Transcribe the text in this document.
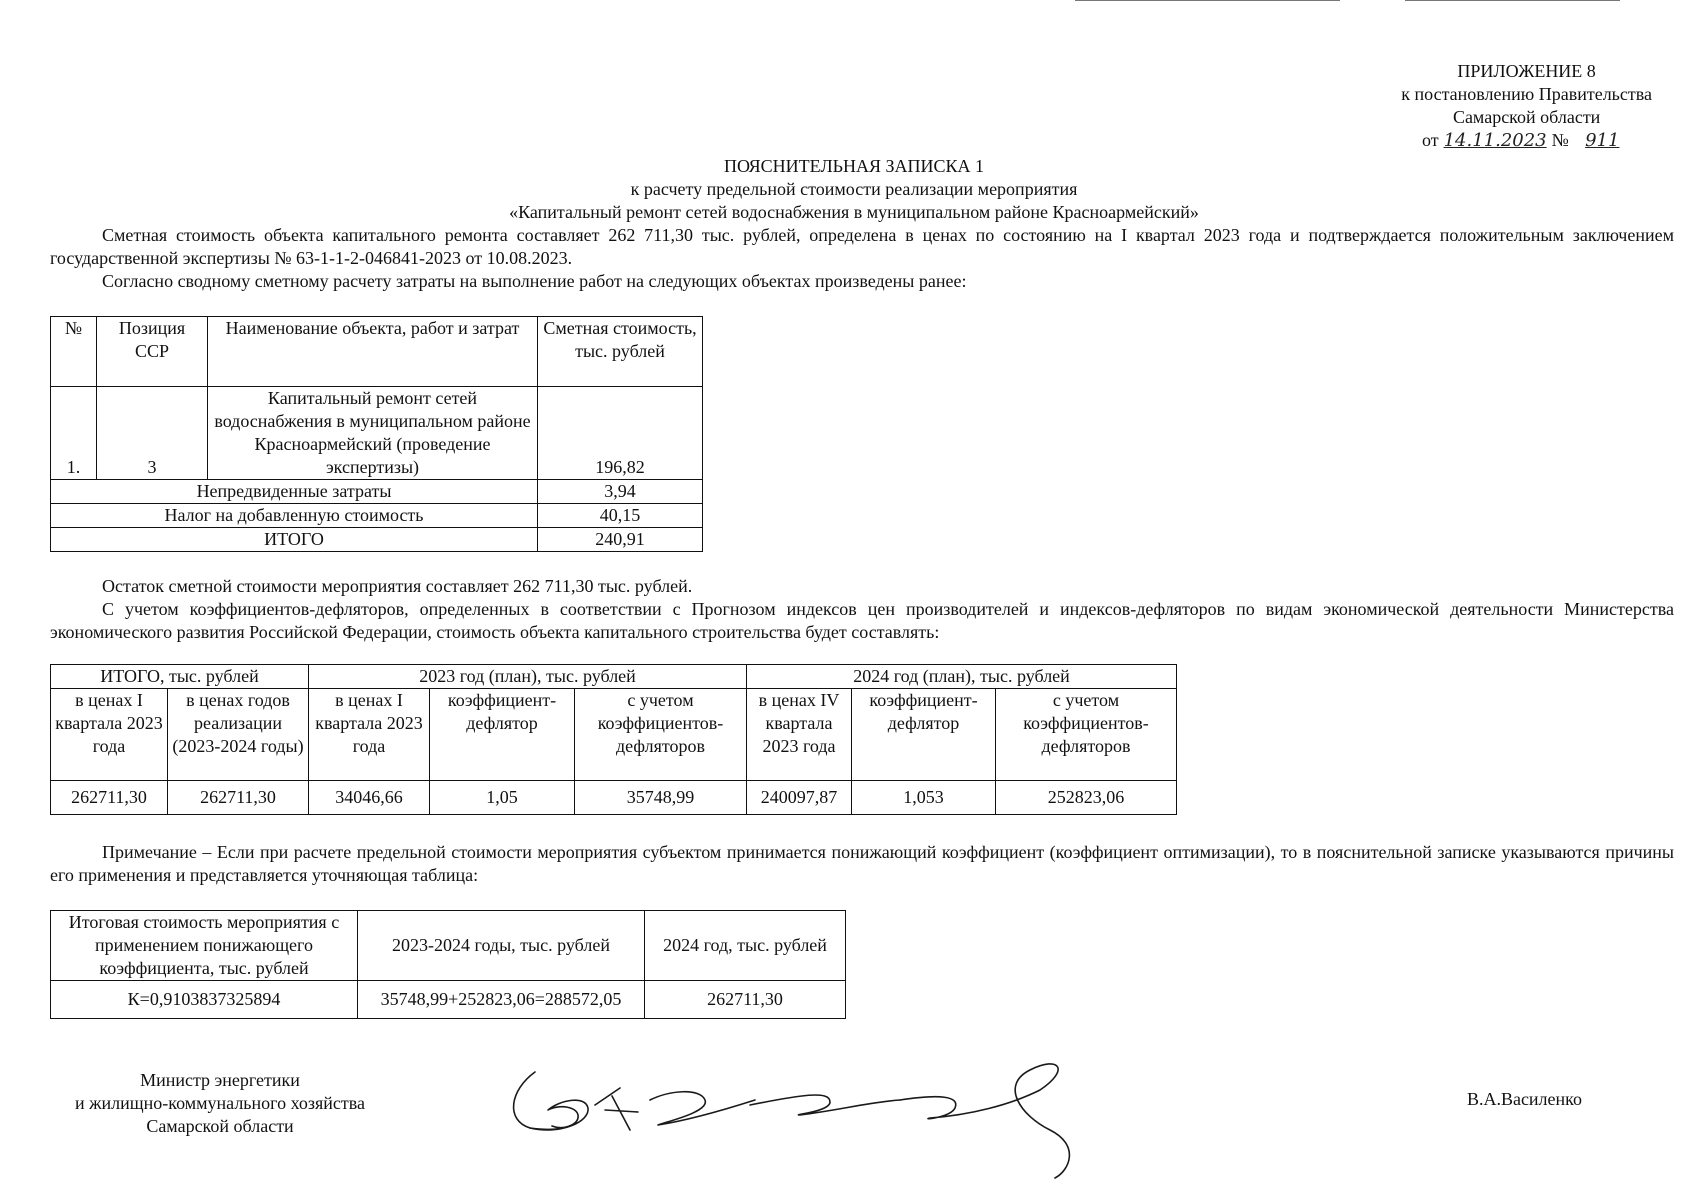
ПРИЛОЖЕНИЕ 8
к постановлению Правительства
Самарской области
от 14.11.2023 № 911
ПОЯСНИТЕЛЬНАЯ ЗАПИСКА 1
к расчету предельной стоимости реализации мероприятия
«Капитальный ремонт сетей водоснабжения в муниципальном районе Красноармейский»
Сметная стоимость объекта капитального ремонта составляет 262 711,30 тыс. рублей, определена в ценах по состоянию на I квартал 2023 года и подтверждается положительным заключением государственной экспертизы № 63-1-1-2-046841-2023 от 10.08.2023.
Согласно сводному сметному расчету затраты на выполнение работ на следующих объектах произведены ранее:
№	Позиция ССР	Наименование объекта, работ и затрат	Сметная стоимость, тыс. рублей
1.	3	Капитальный ремонт сетей водоснабжения в муниципальном районе Красноармейский (проведение экспертизы)	196,82
Непредвиденные затраты			3,94
Налог на добавленную стоимость			40,15
ИТОГО			240,91
Остаток сметной стоимости мероприятия составляет 262 711,30 тыс. рублей.
С учетом коэффициентов-дефляторов, определенных в соответствии с Прогнозом индексов цен производителей и индексов-дефляторов по видам экономической деятельности Министерства экономического развития Российской Федерации, стоимость объекта капитального строительства будет составлять:
ИТОГО, тыс. рублей		2023 год (план), тыс. рублей			2024 год (план), тыс. рублей		
в ценах I квартала 2023 года	в ценах годов реализации (2023-2024 годы)	в ценах I квартала 2023 года	коэффициент-дефлятор	с учетом коэффициентов-дефляторов	в ценах IV квартала 2023 года	коэффициент-дефлятор	с учетом коэффициентов-дефляторов
262711,30	262711,30	34046,66	1,05	35748,99	240097,87	1,053	252823,06
Примечание – Если при расчете предельной стоимости мероприятия субъектом принимается понижающий коэффициент (коэффициент оптимизации), то в пояснительной записке указываются причины его применения и представляется уточняющая таблица:
Итоговая стоимость мероприятия с применением понижающего коэффициента, тыс. рублей	2023-2024 годы, тыс. рублей	2024 год, тыс. рублей
К=0,9103837325894	35748,99+252823,06=288572,05	262711,30
Министр энергетики
и жилищно-коммунального хозяйства
Самарской области
В.А.Василенко
